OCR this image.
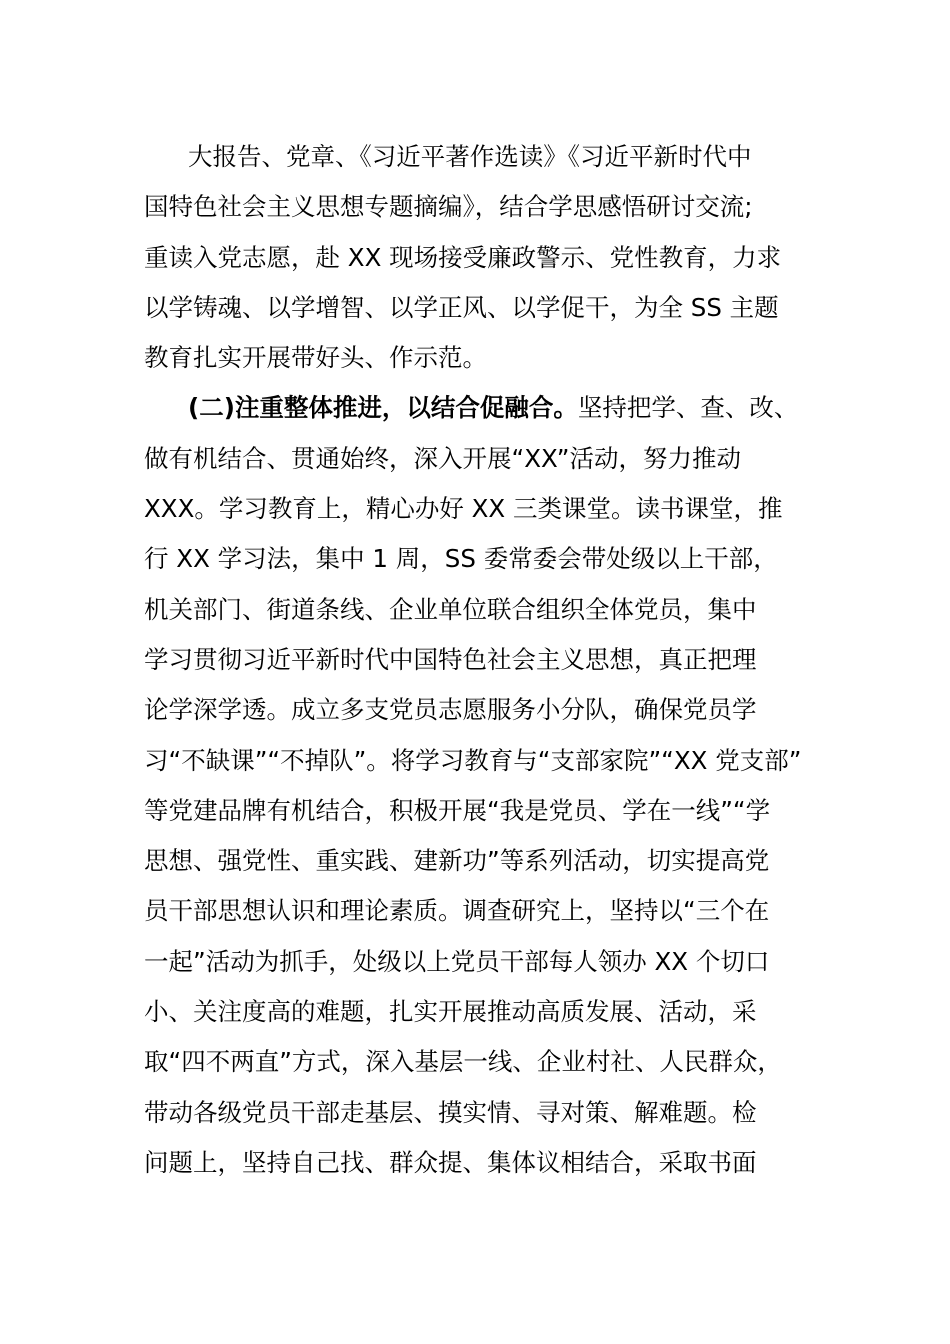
大报告、党章、《习近平著作选读》《习近平新时代中
国特色社会主义思想专题摘编》，结合学思感悟研讨交流;
重读入党志愿，赴 XX 现场接受廉政警示、党性教育，力求
以学铸魂、以学增智、以学正风、以学促干，为全 SS 主题
教育扎实开展带好头、作示范。
(二)注重整体推进，以结合促融合。坚持把学、查、改、
做有机结合、贯通始终，深入开展“XX”活动，努力推动
XXX。学习教育上，精心办好 XX 三类课堂。读书课堂，推
行 XX 学习法，集中 1 周，SS 委常委会带处级以上干部，
机关部门、街道条线、企业单位联合组织全体党员，集中
学习贯彻习近平新时代中国特色社会主义思想，真正把理
论学深学透。成立多支党员志愿服务小分队，确保党员学
习“不缺课”“不掉队”。将学习教育与“支部家院”“XX 党支部”
等党建品牌有机结合，积极开展“我是党员、学在一线”“学
思想、强党性、重实践、建新功”等系列活动，切实提高党
员干部思想认识和理论素质。调查研究上，坚持以“三个在
一起”活动为抓手，处级以上党员干部每人领办 XX 个切口
小、关注度高的难题，扎实开展推动高质发展、活动，采
取“四不两直”方式，深入基层一线、企业村社、人民群众，
带动各级党员干部走基层、摸实情、寻对策、解难题。检
问题上，坚持自己找、群众提、集体议相结合，采取书面
